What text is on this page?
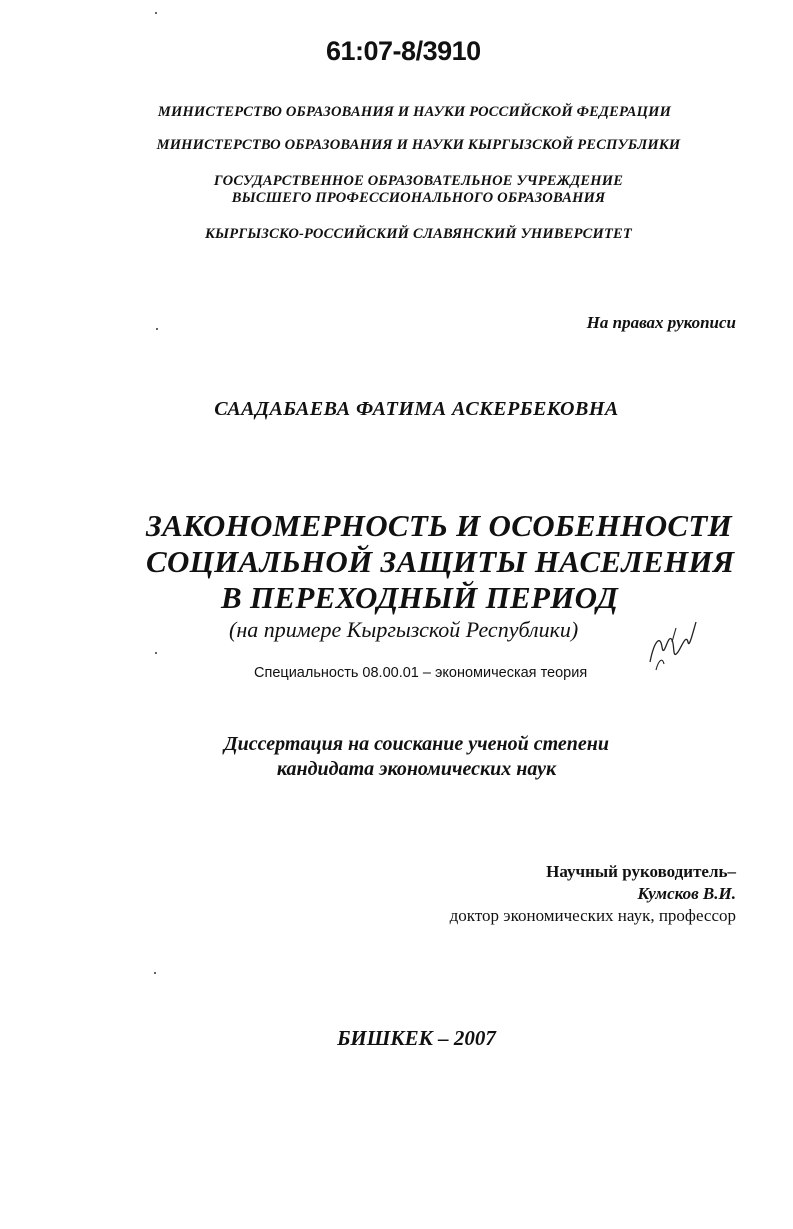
61:07-8/3910
МИНИСТЕРСТВО ОБРАЗОВАНИЯ И НАУКИ РОССИЙСКОЙ ФЕДЕРАЦИИ
МИНИСТЕРСТВО ОБРАЗОВАНИЯ И НАУКИ КЫРГЫЗСКОЙ РЕСПУБЛИКИ
ГОСУДАРСТВЕННОЕ ОБРАЗОВАТЕЛЬНОЕ УЧРЕЖДЕНИЕ
ВЫСШЕГО ПРОФЕССИОНАЛЬНОГО ОБРАЗОВАНИЯ
КЫРГЫЗСКО-РОССИЙСКИЙ СЛАВЯНСКИЙ УНИВЕРСИТЕТ
На правах рукописи
СААДАБАЕВА ФАТИМА АСКЕРБЕКОВНА
ЗАКОНОМЕРНОСТЬ И ОСОБЕННОСТИ
СОЦИАЛЬНОЙ ЗАЩИТЫ НАСЕЛЕНИЯ
В ПЕРЕХОДНЫЙ ПЕРИОД
(на примере Кыргызской Республики)
Специальность 08.00.01 – экономическая теория
Диссертация на соискание ученой степени
кандидата экономических наук
Научный руководитель–
Кумсков В.И.
доктор экономических наук, профессор
БИШКЕК – 2007
